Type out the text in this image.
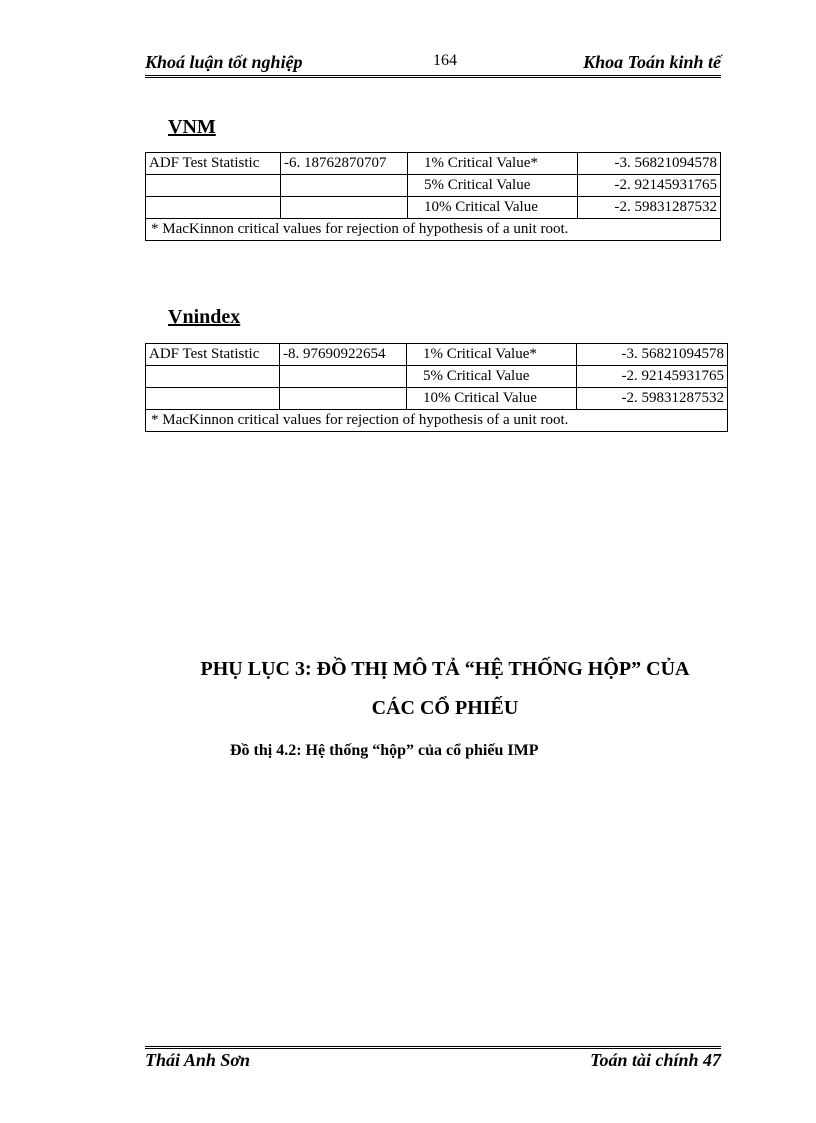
Khoá luận tốt nghiệp	164	Khoa Toán kinh tế
VNM
ADF Test Statistic	-6. 18762870707	1% Critical Value*	-3. 56821094578
		5% Critical Value	-2. 92145931765
		10% Critical Value	-2. 59831287532
* MacKinnon critical values for rejection of hypothesis of a unit root.			
Vnindex
ADF Test Statistic	-8. 97690922654	1% Critical Value*	-3. 56821094578
		5% Critical Value	-2. 92145931765
		10% Critical Value	-2. 59831287532
* MacKinnon critical values for rejection of hypothesis of a unit root.			
PHỤ LỤC 3: ĐỒ THỊ MÔ TẢ “HỆ THỐNG HỘP” CỦA
CÁC CỔ PHIẾU
Đồ thị 4.2: Hệ thống “hộp” của cổ phiếu IMP
Thái Anh Sơn	Toán tài chính 47
